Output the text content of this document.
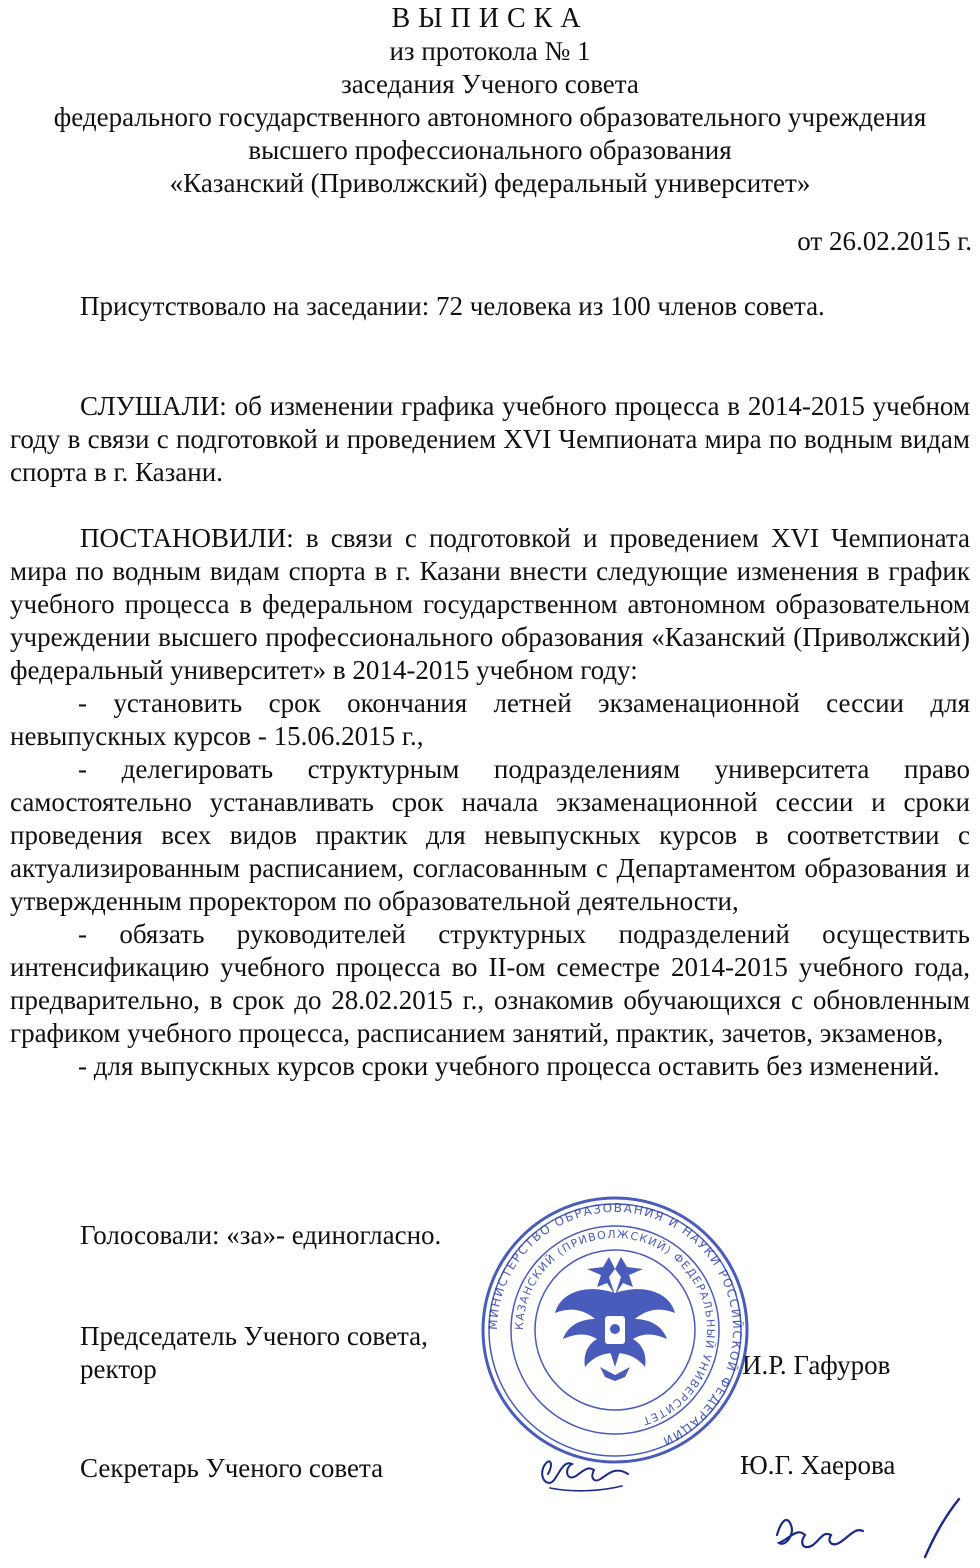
ВЫПИСКА
из протокола № 1
заседания Ученого совета
федерального государственного автономного образовательного учреждения
высшего профессионального образования
«Казанский (Приволжский) федеральный университет»
от 26.02.2015 г.
Присутствовало на заседании: 72 человека из 100 членов совета.

СЛУШАЛИ: об изменении графика учебного процесса в 2014-2015 учебном году в связи с подготовкой и проведением XVI Чемпионата мира по водным видам спорта в г. Казани.

ПОСТАНОВИЛИ: в связи с подготовкой и проведением XVI Чемпионата мира по водным видам спорта в г. Казани внести следующие изменения в график учебного процесса в федеральном государственном автономном образовательном учреждении высшего профессионального образования «Казанский (Приволжский) федеральный университет» в 2014-2015 учебном году:

- установить срок окончания летней экзаменационной сессии для невыпускных курсов - 15.06.2015 г.,

- делегировать структурным подразделениям университета право самостоятельно устанавливать срок начала экзаменационной сессии и сроки проведения всех видов практик для невыпускных курсов в соответствии с актуализированным расписанием, согласованным с Департаментом образования и утвержденным проректором по образовательной деятельности,

- обязать руководителей структурных подразделений осуществить интенсификацию учебного процесса во II-ом семестре 2014-2015 учебного года, предварительно, в срок до 28.02.2015 г., ознакомив обучающихся с обновленным графиком учебного процесса, расписанием занятий, практик, зачетов, экзаменов,

- для выпускных курсов сроки учебного процесса оставить без изменений.

Голосовали: «за»- единогласно.
Председатель Ученого совета,
ректор	И.Р. Гафуров
Секретарь Ученого совета	Ю.Г. Хаерова
МИНИСТЕРСТВО ОБРАЗОВАНИЯ И НАУКИ РОССИЙСКОЙ ФЕДЕРАЦИИ
КАЗАНСКИЙ (ПРИВОЛЖСКИЙ) ФЕДЕРАЛЬНЫЙ УНИВЕРСИТЕТ
